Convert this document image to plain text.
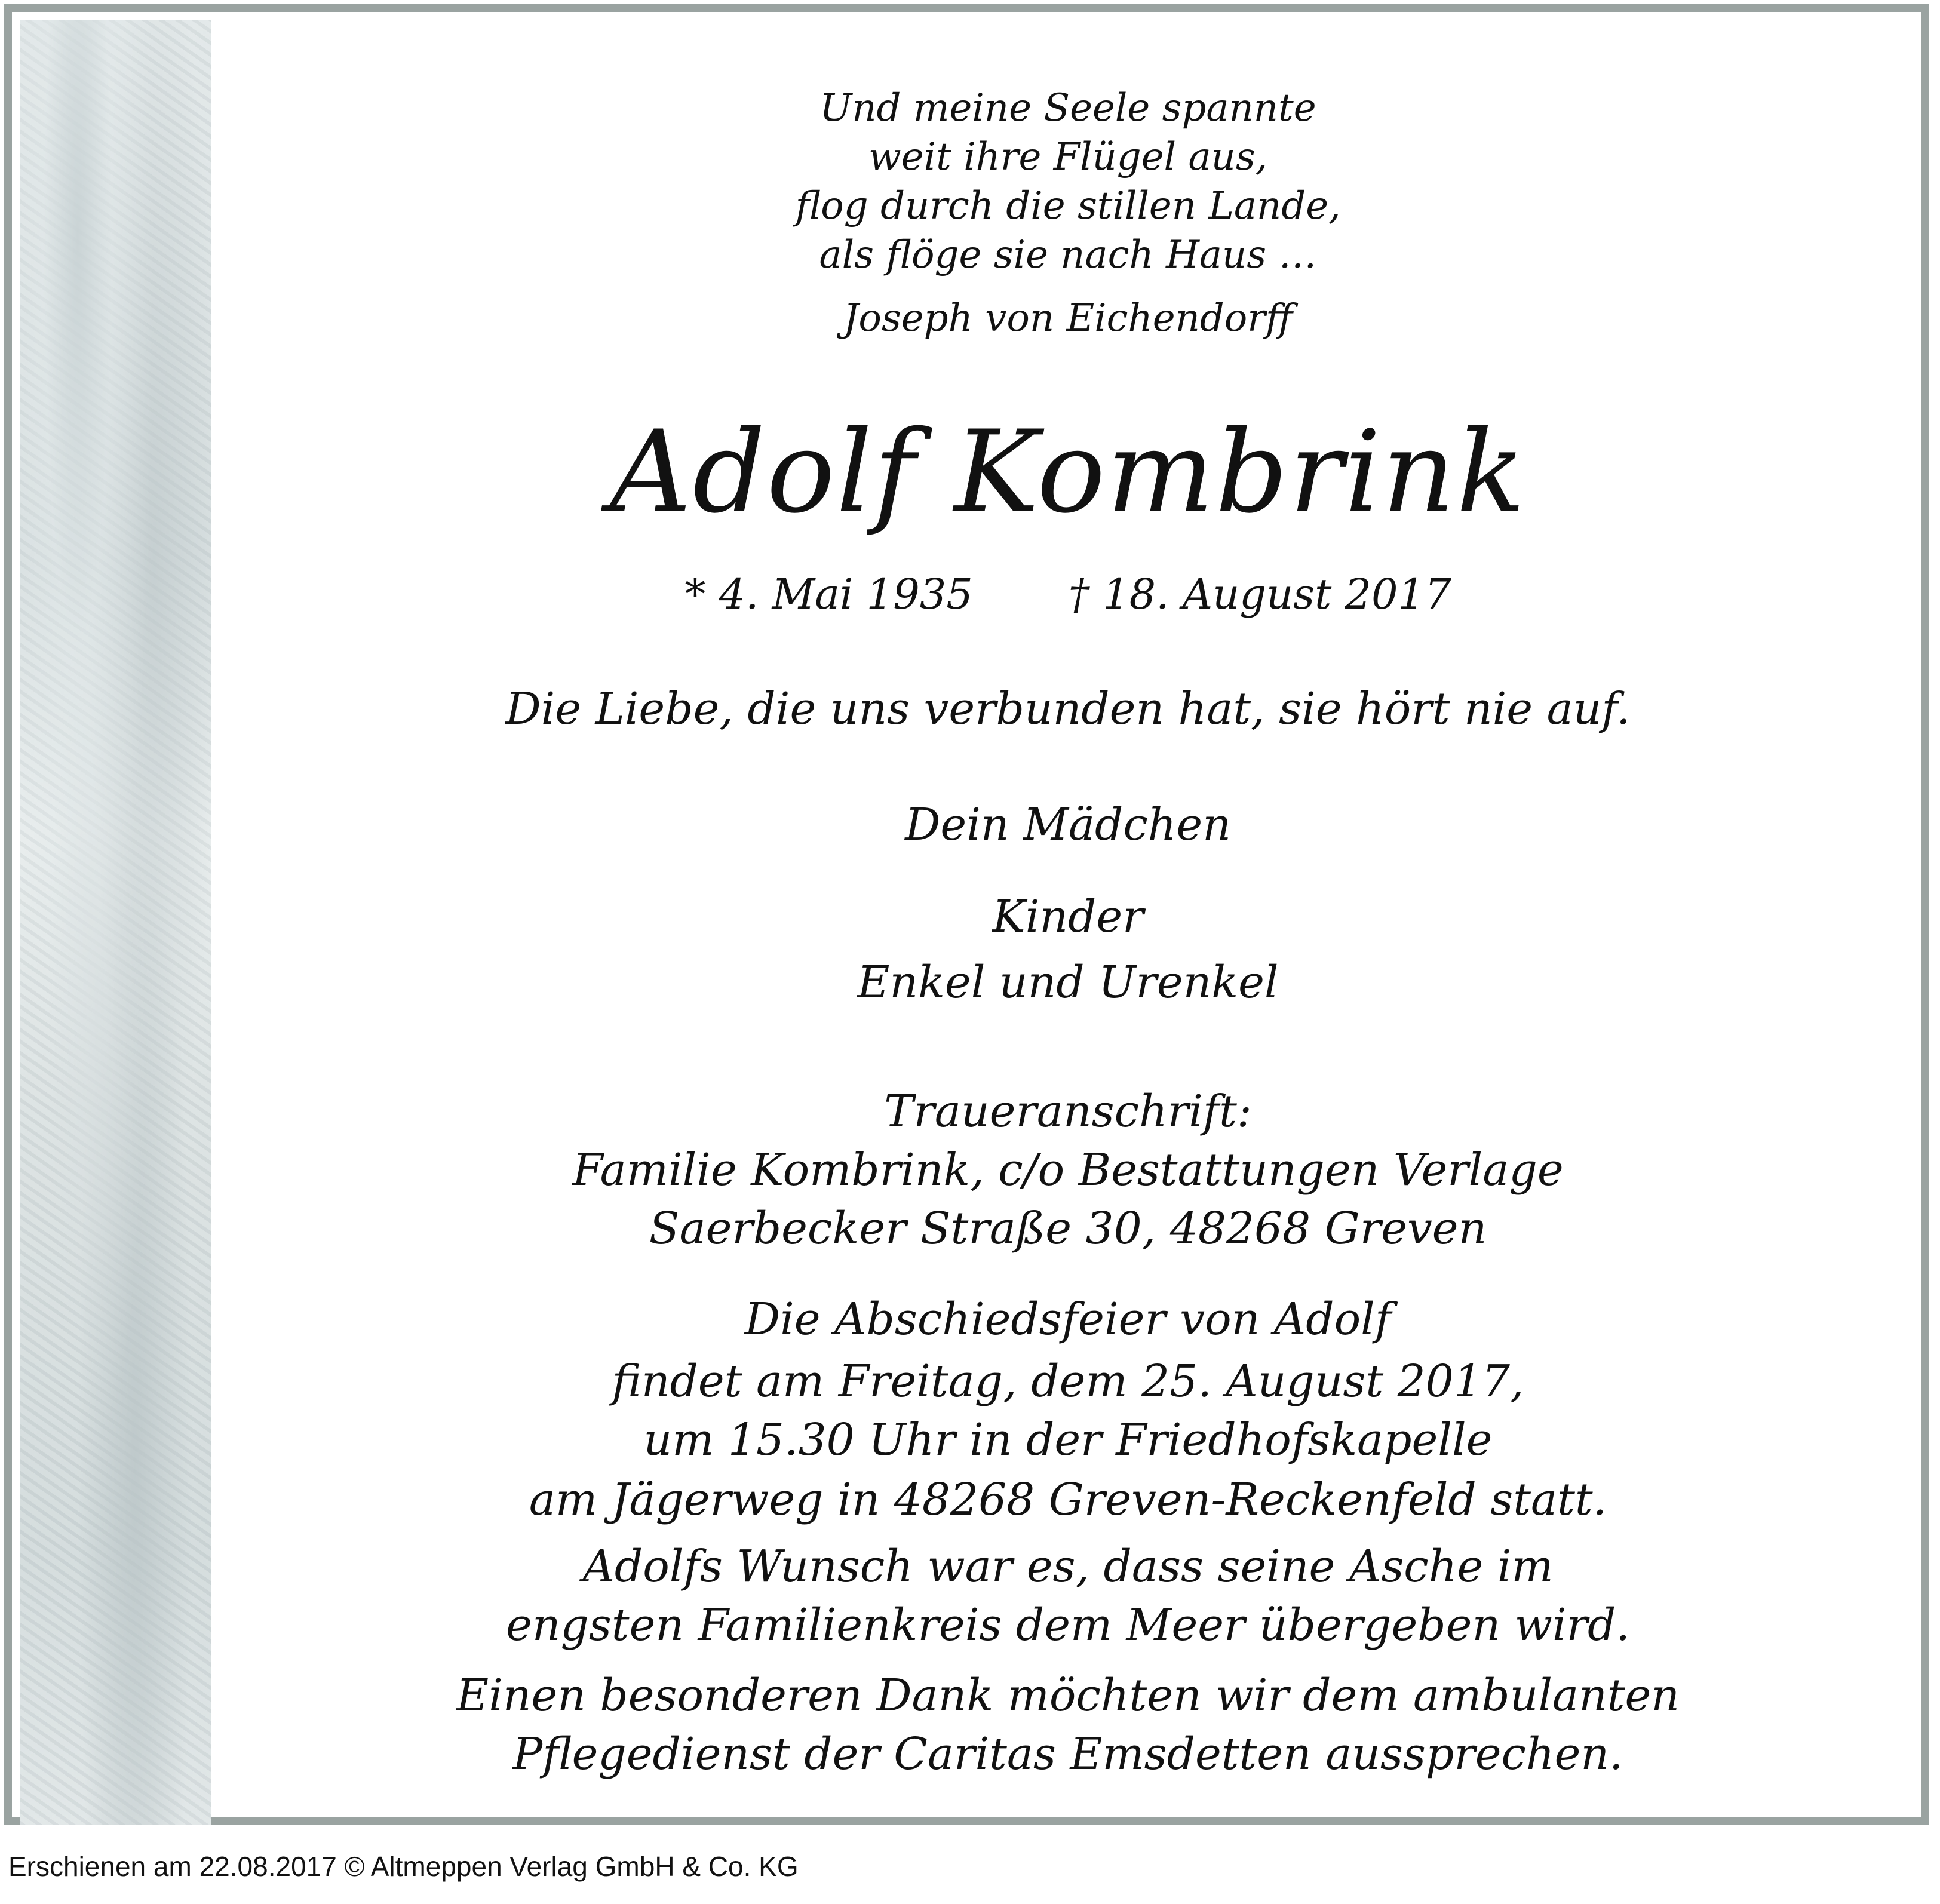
Und meine Seele spannte
weit ihre Flügel aus,
flog durch die stillen Lande,
als flöge sie nach Haus …
Joseph von Eichendorff
Adolf Kombrink
* 4. Mai 1935 † 18. August 2017
Die Liebe, die uns verbunden hat, sie hört nie auf.
Dein Mädchen
Kinder
Enkel und Urenkel
Traueranschrift:
Familie Kombrink, c/o Bestattungen Verlage
Saerbecker Straße 30, 48268 Greven
Die Abschiedsfeier von Adolf
findet am Freitag, dem 25. August 2017,
um 15.30 Uhr in der Friedhofskapelle
am Jägerweg in 48268 Greven-Reckenfeld statt.
Adolfs Wunsch war es, dass seine Asche im
engsten Familienkreis dem Meer übergeben wird.
Einen besonderen Dank möchten wir dem ambulanten
Pflegedienst der Caritas Emsdetten aussprechen.
Erschienen am 22.08.2017 © Altmeppen Verlag GmbH & Co. KG
